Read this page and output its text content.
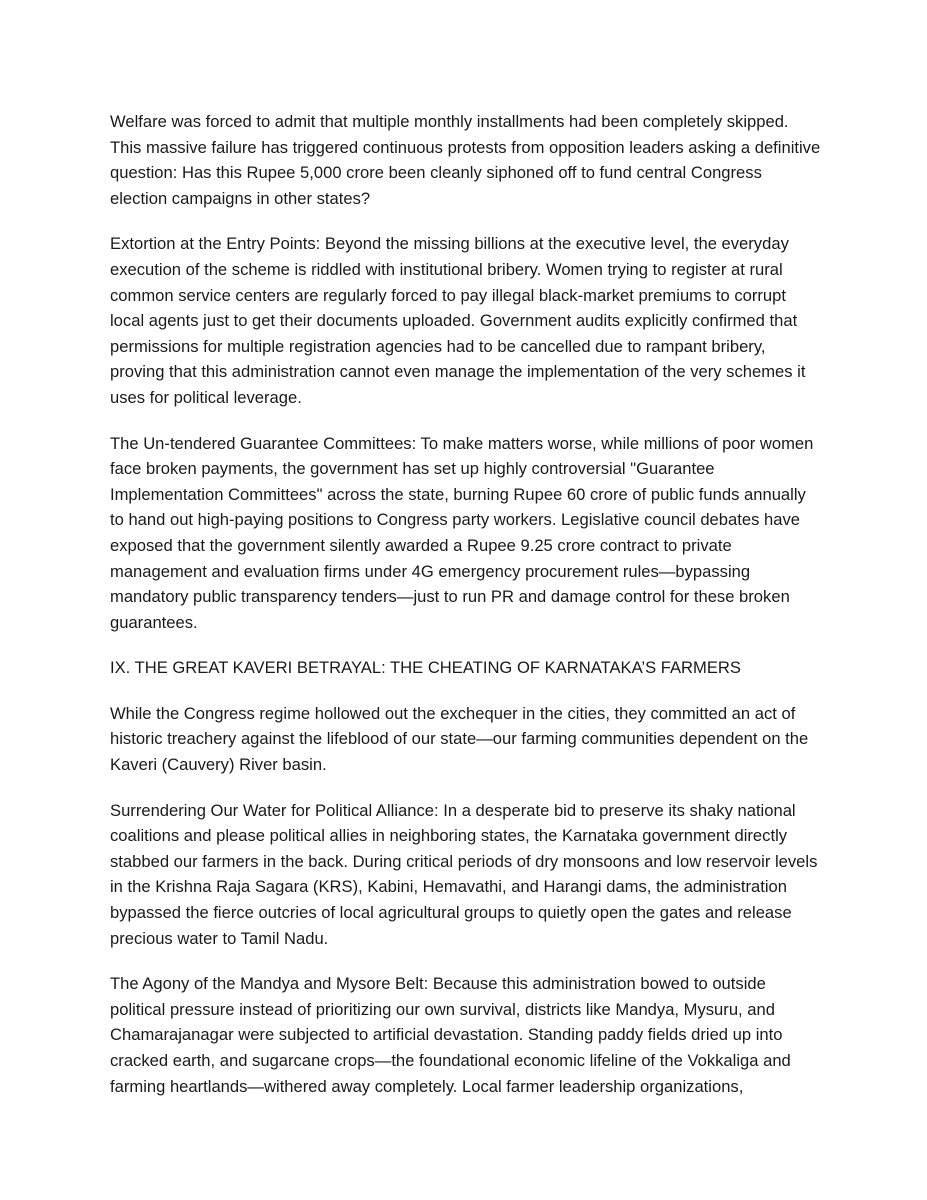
Welfare was forced to admit that multiple monthly installments had been completely skipped. This massive failure has triggered continuous protests from opposition leaders asking a definitive question: Has this Rupee 5,000 crore been cleanly siphoned off to fund central Congress election campaigns in other states?

Extortion at the Entry Points: Beyond the missing billions at the executive level, the everyday execution of the scheme is riddled with institutional bribery. Women trying to register at rural common service centers are regularly forced to pay illegal black-market premiums to corrupt local agents just to get their documents uploaded. Government audits explicitly confirmed that permissions for multiple registration agencies had to be cancelled due to rampant bribery, proving that this administration cannot even manage the implementation of the very schemes it uses for political leverage.

The Un-tendered Guarantee Committees: To make matters worse, while millions of poor women face broken payments, the government has set up highly controversial "Guarantee Implementation Committees" across the state, burning Rupee 60 crore of public funds annually to hand out high-paying positions to Congress party workers. Legislative council debates have exposed that the government silently awarded a Rupee 9.25 crore contract to private management and evaluation firms under 4G emergency procurement rules—bypassing mandatory public transparency tenders—just to run PR and damage control for these broken guarantees.

IX. THE GREAT KAVERI BETRAYAL: THE CHEATING OF KARNATAKA’S FARMERS

While the Congress regime hollowed out the exchequer in the cities, they committed an act of historic treachery against the lifeblood of our state—our farming communities dependent on the Kaveri (Cauvery) River basin.

Surrendering Our Water for Political Alliance: In a desperate bid to preserve its shaky national coalitions and please political allies in neighboring states, the Karnataka government directly stabbed our farmers in the back. During critical periods of dry monsoons and low reservoir levels in the Krishna Raja Sagara (KRS), Kabini, Hemavathi, and Harangi dams, the administration bypassed the fierce outcries of local agricultural groups to quietly open the gates and release precious water to Tamil Nadu.

The Agony of the Mandya and Mysore Belt: Because this administration bowed to outside political pressure instead of prioritizing our own survival, districts like Mandya, Mysuru, and Chamarajanagar were subjected to artificial devastation. Standing paddy fields dried up into cracked earth, and sugarcane crops—the foundational economic lifeline of the Vokkaliga and farming heartlands—withered away completely. Local farmer leadership organizations,
